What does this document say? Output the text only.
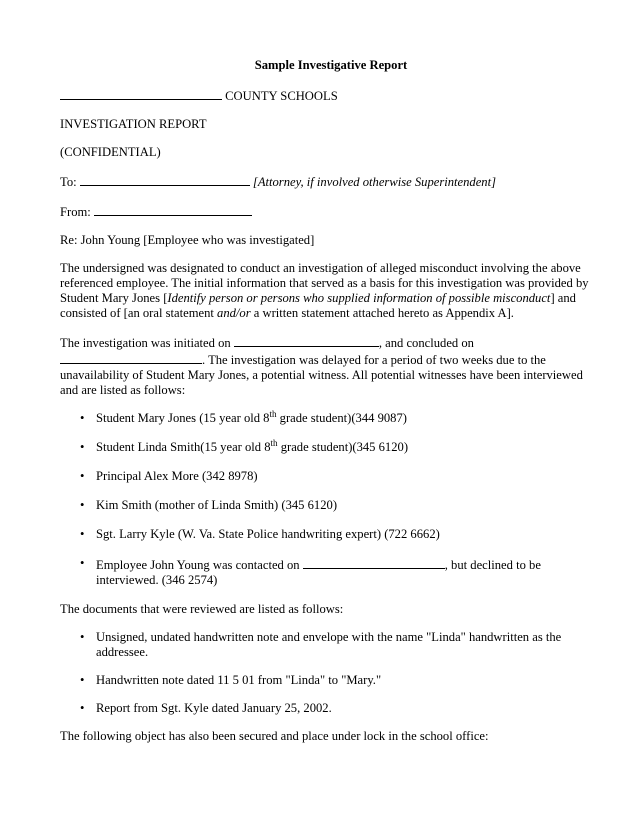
Sample Investigative Report

COUNTY SCHOOLS

INVESTIGATION REPORT

(CONFIDENTIAL)

To:	[Attorney, if involved otherwise Superintendent]

From:

Re: John Young [Employee who was investigated]

The undersigned was designated to conduct an investigation of alleged misconduct involving the above referenced employee. The initial information that served as a basis for this investigation was provided by Student Mary Jones [Identify person or persons who supplied information of possible misconduct] and consisted of [an oral statement and/or a written statement attached hereto as Appendix A].

The investigation was initiated on	, and concluded on
. The investigation was delayed for a period of two weeks due to the unavailability of Student Mary Jones, a potential witness. All potential witnesses have been interviewed and are listed as follows:

• Student Mary Jones (15 year old 8th grade student)(344 9087)
• Student Linda Smith(15 year old 8th grade student)(345 6120)
• Principal Alex More (342 8978)
• Kim Smith (mother of Linda Smith) (345 6120)
• Sgt. Larry Kyle (W. Va. State Police handwriting expert) (722 6662)
• Employee John Young was contacted on	, but declined to be interviewed. (346 2574)

The documents that were reviewed are listed as follows:

• Unsigned, undated handwritten note and envelope with the name "Linda" handwritten as the addressee.
• Handwritten note dated 11 5 01 from "Linda" to "Mary."
• Report from Sgt. Kyle dated January 25, 2002.

The following object has also been secured and place under lock in the school office:
